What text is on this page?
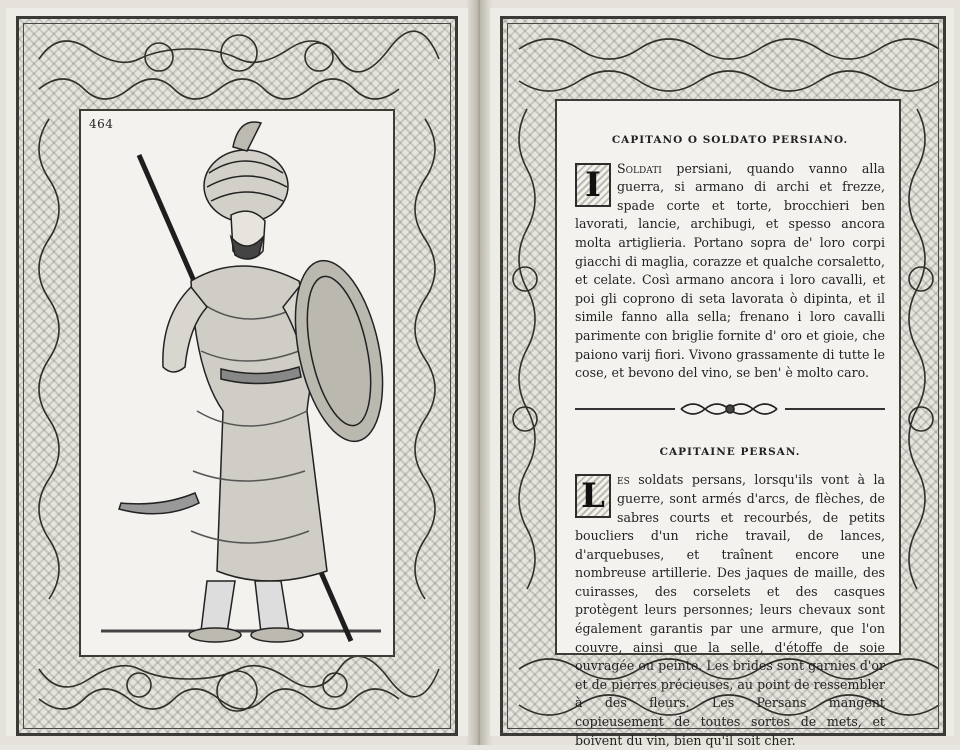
464

CAPITANO O SOLDATO PERSIANO.

I	Soldati persiani, quando vanno alla guerra, si armano di archi et frezze, spade corte et torte, brocchieri ben lavorati, lancie, archibugi, et spesso ancora molta artiglieria. Portano sopra de' loro corpi giacchi di maglia, corazze et qualche corsaletto, et celate. Così armano ancora i loro cavalli, et poi gli coprono di seta lavorata ò dipinta, et il simile fanno alla sella; frenano i loro cavalli parimente con briglie fornite d' oro et gioie, che paiono varij fiori. Vivono grassamente di tutte le cose, et bevono del vino, se ben' è molto caro.

CAPITAINE PERSAN.

L es soldats persans, lorsqu'ils vont à la guerre, sont armés d'arcs, de flèches, de sabres courts et recourbés, de petits boucliers d'un riche travail, de lances, d'arquebuses, et traînent encore une nombreuse artillerie. Des jaques de maille, des cuirasses, des corselets et des casques protègent leurs personnes; leurs chevaux sont également garantis par une armure, que l'on couvre, ainsi que la selle, d'étoffe de soie ouvragée ou peinte. Les brides sont garnies d'or et de pierres précieuses, au point de ressembler à des fleurs. Les Persans mangent copieusement de toutes sortes de mets, et boivent du vin, bien qu'il soit cher.
